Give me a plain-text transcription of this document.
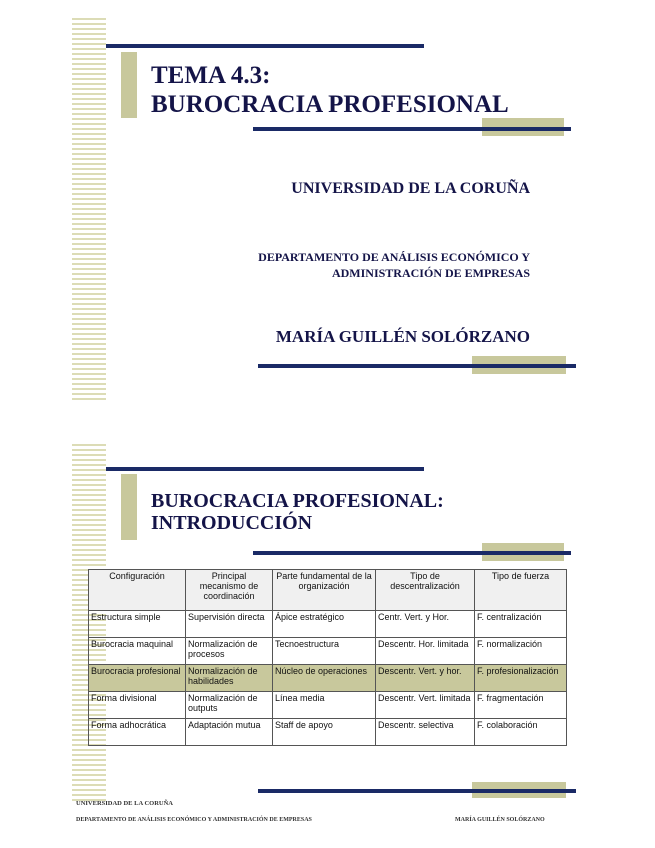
TEMA 4.3:
BUROCRACIA PROFESIONAL
UNIVERSIDAD DE LA CORUÑA
DEPARTAMENTO DE ANÁLISIS ECONÓMICO Y
ADMINISTRACIÓN DE EMPRESAS
MARÍA GUILLÉN SOLÓRZANO
BUROCRACIA PROFESIONAL:
INTRODUCCIÓN
Configuración	Principal mecanismo de coordinación	Parte fundamental de la organización	Tipo de descentralización	Tipo de fuerza
Estructura simple	Supervisión directa	Ápice estratégico	Centr. Vert. y Hor.	F. centralización
Burocracia maquinal	Normalización de procesos	Tecnoestructura	Descentr. Hor. limitada	F. normalización
Burocracia profesional	Normalización de habilidades	Núcleo de operaciones	Descentr. Vert. y hor.	F. profesionalización
Forma divisional	Normalización de outputs	Línea media	Descentr. Vert. limitada	F. fragmentación
Forma adhocrática	Adaptación mutua	Staff de apoyo	Descentr. selectiva	F. colaboración
UNIVERSIDAD DE LA CORUÑA
DEPARTAMENTO DE ANÁLISIS ECONÓMICO Y ADMINISTRACIÓN DE EMPRESAS	MARÍA GUILLÉN SOLÓRZANO
